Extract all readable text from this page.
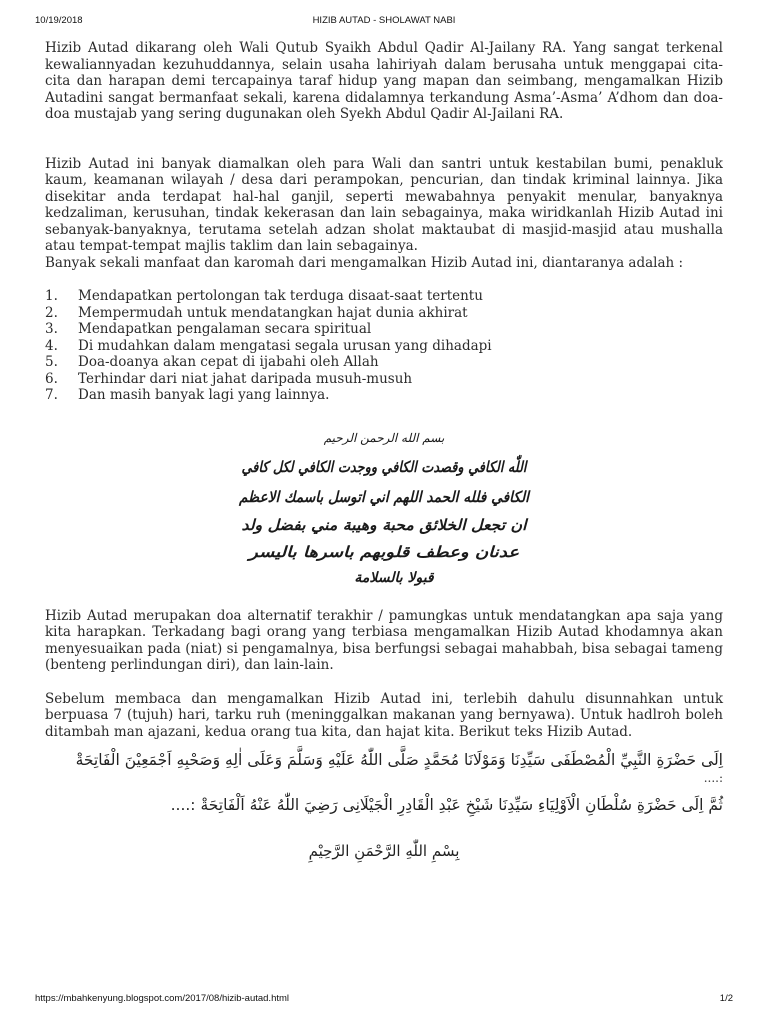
10/19/2018	HIZIB AUTAD - SHOLAWAT NABI

Hizib Autad dikarang oleh Wali Qutub Syaikh Abdul Qadir Al-Jailany RA. Yang sangat terkenal kewaliannyadan kezuhuddannya, selain usaha lahiriyah dalam berusaha untuk menggapai cita-cita dan harapan demi tercapainya taraf hidup yang mapan dan seimbang, mengamalkan Hizib Autadini sangat bermanfaat sekali, karena didalamnya terkandung Asma’-Asma’ A’dhom dan doa-doa mustajab yang sering dugunakan oleh Syekh Abdul Qadir Al-Jailani RA.

Hizib Autad ini banyak diamalkan oleh para Wali dan santri untuk kestabilan bumi, penakluk kaum, keamanan wilayah / desa dari perampokan, pencurian, dan tindak kriminal lainnya. Jika disekitar anda terdapat hal-hal ganjil, seperti mewabahnya penyakit menular, banyaknya kedzaliman, kerusuhan, tindak kekerasan dan lain sebagainya, maka wiridkanlah Hizib Autad ini sebanyak-banyaknya, terutama setelah adzan sholat maktaubat di masjid-masjid atau mushalla atau tempat-tempat majlis taklim dan lain sebagainya.

Banyak sekali manfaat dan karomah dari mengamalkan Hizib Autad ini, diantaranya adalah :

1.	Mendapatkan pertolongan tak terduga disaat-saat tertentu
2.	Mempermudah untuk mendatangkan hajat dunia akhirat
3.	Mendapatkan pengalaman secara spiritual
4.	Di mudahkan dalam mengatasi segala urusan yang dihadapi
5.	Doa-doanya akan cepat di ijabahi oleh Allah
6.	Terhindar dari niat jahat daripada musuh-musuh
7.	Dan masih banyak lagi yang lainnya.
بسم الله الرحمن الرحيم
اللّٰه الكافي وقصدت الكافي ووجدت الكافي لكل كافي
الكافي فلله الحمد اللهم اني اتوسل باسمك الاعظم
ان تجعل الخلائق محبة وهيبة مني بفضل ولد
عدنان وعطف قلوبهم باسرها باليسر
قبولا بالسلامة

Hizib Autad merupakan doa alternatif terakhir / pamungkas untuk mendatangkan apa saja yang kita harapkan. Terkadang bagi orang yang terbiasa mengamalkan Hizib Autad khodamnya akan menyesuaikan pada (niat) si pengamalnya, bisa berfungsi sebagai mahabbah, bisa sebagai tameng (benteng perlindungan diri), dan lain-lain.

Sebelum membaca dan mengamalkan Hizib Autad ini, terlebih dahulu disunnahkan untuk berpuasa 7 (tujuh) hari, tarku ruh (meninggalkan makanan yang bernyawa). Untuk hadlroh boleh ditambah man ajazani, kedua orang tua kita, dan hajat kita. Berikut teks Hizib Autad.

اِلَى حَضْرَةِ النَّبِيِّ الْمُصْطَفَى سَيِّدِنَا وَمَوْلَانَا مُحَمَّدٍ صَلَّى اللّٰهُ عَلَيْهِ وَسَلَّمَ وَعَلَى اٰلِهِ وَصَحْبِهِ اَجْمَعِيْنَ الْفَاتِحَةْ

....:

ثُمَّ اِلَى حَضْرَةِ سُلْطَانِ الْاَوْلِيَاءِ سَيِّدِنَا شَيْخِ عَبْدِ الْقَادِرِ الْجَيْلَانِى رَضِيَ اللّٰهُ عَنْهُ اَلْفَاتِحَةْ :....

بِسْمِ اللّٰهِ الرَّحْمَنِ الرَّحِيْمِ

https://mbahkenyung.blogspot.com/2017/08/hizib-autad.html	1/2
